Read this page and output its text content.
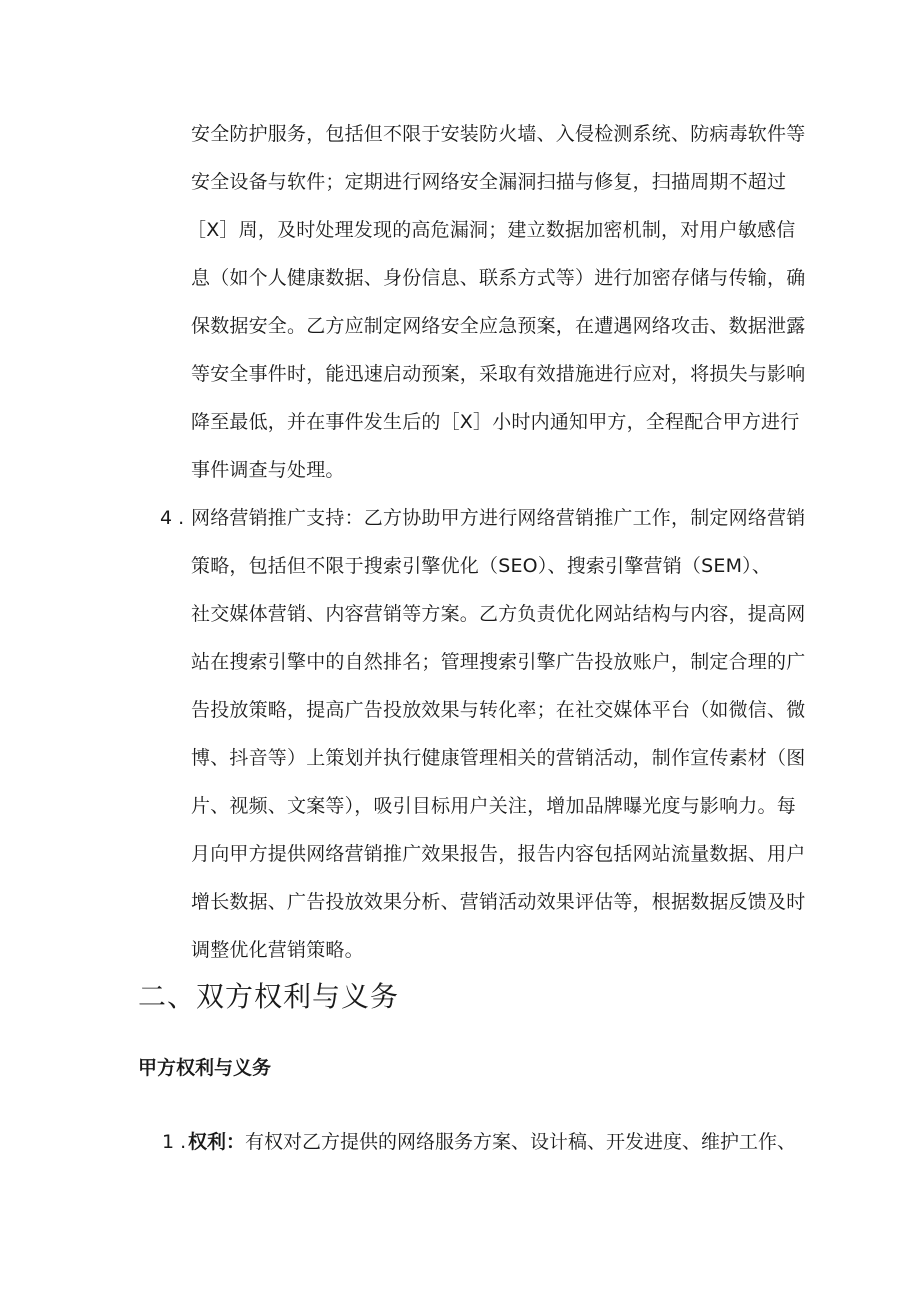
安全防护服务，包括但不限于安装防火墙、入侵检测系统、防病毒软件等
安全设备与软件；定期进行网络安全漏洞扫描与修复，扫描周期不超过
［X］周，及时处理发现的高危漏洞；建立数据加密机制，对用户敏感信
息（如个人健康数据、身份信息、联系方式等）进行加密存储与传输，确
保数据安全。乙方应制定网络安全应急预案，在遭遇网络攻击、数据泄露
等安全事件时，能迅速启动预案，采取有效措施进行应对，将损失与影响
降至最低，并在事件发生后的［X］小时内通知甲方，全程配合甲方进行
事件调查与处理。
4 . 网络营销推广支持：乙方协助甲方进行网络营销推广工作，制定网络营销
策略，包括但不限于搜索引擎优化（SEO）、搜索引擎营销（SEM）、
社交媒体营销、内容营销等方案。乙方负责优化网站结构与内容，提高网
站在搜索引擎中的自然排名；管理搜索引擎广告投放账户，制定合理的广
告投放策略，提高广告投放效果与转化率；在社交媒体平台（如微信、微
博、抖音等）上策划并执行健康管理相关的营销活动，制作宣传素材（图
片、视频、文案等），吸引目标用户关注，增加品牌曝光度与影响力。每
月向甲方提供网络营销推广效果报告，报告内容包括网站流量数据、用户
增长数据、广告投放效果分析、营销活动效果评估等，根据数据反馈及时
调整优化营销策略。
二、双方权利与义务
甲方权利与义务
1 . 权利：有权对乙方提供的网络服务方案、设计稿、开发进度、维护工作、
